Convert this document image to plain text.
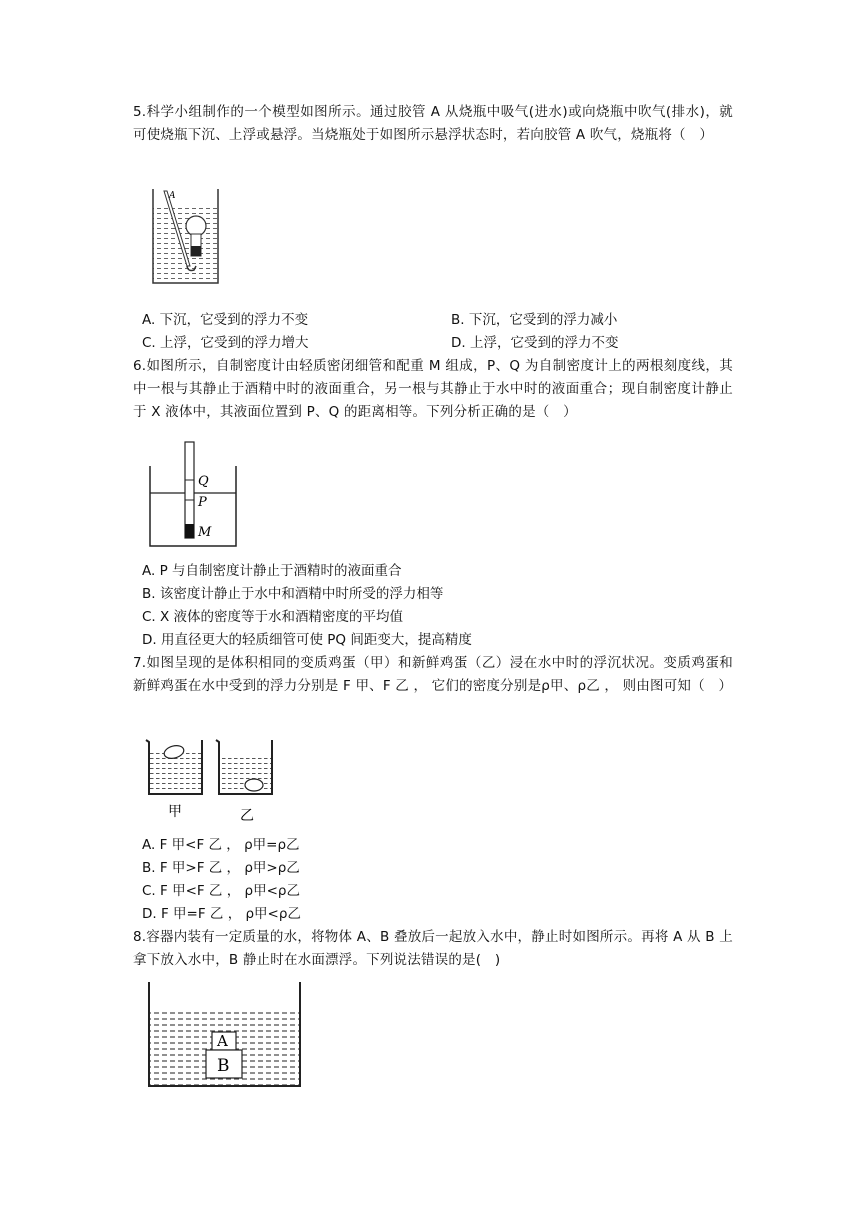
5.科学小组制作的一个模型如图所示。通过胶管 A 从烧瓶中吸气(进水)或向烧瓶中吹气(排水)，就可使烧瓶下沉、上浮或悬浮。当烧瓶处于如图所示悬浮状态时，若向胶管 A 吹气，烧瓶将（　）
A
A. 下沉，它受到的浮力不变	B. 下沉，它受到的浮力减小
C. 上浮，它受到的浮力增大	D. 上浮，它受到的浮力不变
6.如图所示，自制密度计由轻质密闭细管和配重 M 组成，P、Q 为自制密度计上的两根刻度线，其中一根与其静止于酒精中时的液面重合，另一根与其静止于水中时的液面重合；现自制密度计静止于 X 液体中，其液面位置到 P、Q 的距离相等。下列分析正确的是（　）
Q
P
M
A. P 与自制密度计静止于酒精时的液面重合
B. 该密度计静止于水中和酒精中时所受的浮力相等
C. X 液体的密度等于水和酒精密度的平均值
D. 用直径更大的轻质细管可使 PQ 间距变大，提高精度
7.如图呈现的是体积相同的变质鸡蛋（甲）和新鲜鸡蛋（乙）浸在水中时的浮沉状况。变质鸡蛋和新鲜鸡蛋在水中受到的浮力分别是 F 甲、F 乙 ， 它们的密度分别是ρ甲、ρ乙 ， 则由图可知（　）
甲	乙
A. F 甲<F 乙 ， ρ甲=ρ乙
B. F 甲>F 乙 ， ρ甲>ρ乙
C. F 甲<F 乙 ， ρ甲<ρ乙
D. F 甲=F 乙 ， ρ甲<ρ乙
8.容器内装有一定质量的水，将物体 A、B 叠放后一起放入水中，静止时如图所示。再将 A 从 B 上拿下放入水中，B 静止时在水面漂浮。下列说法错误的是(　)
A
B
